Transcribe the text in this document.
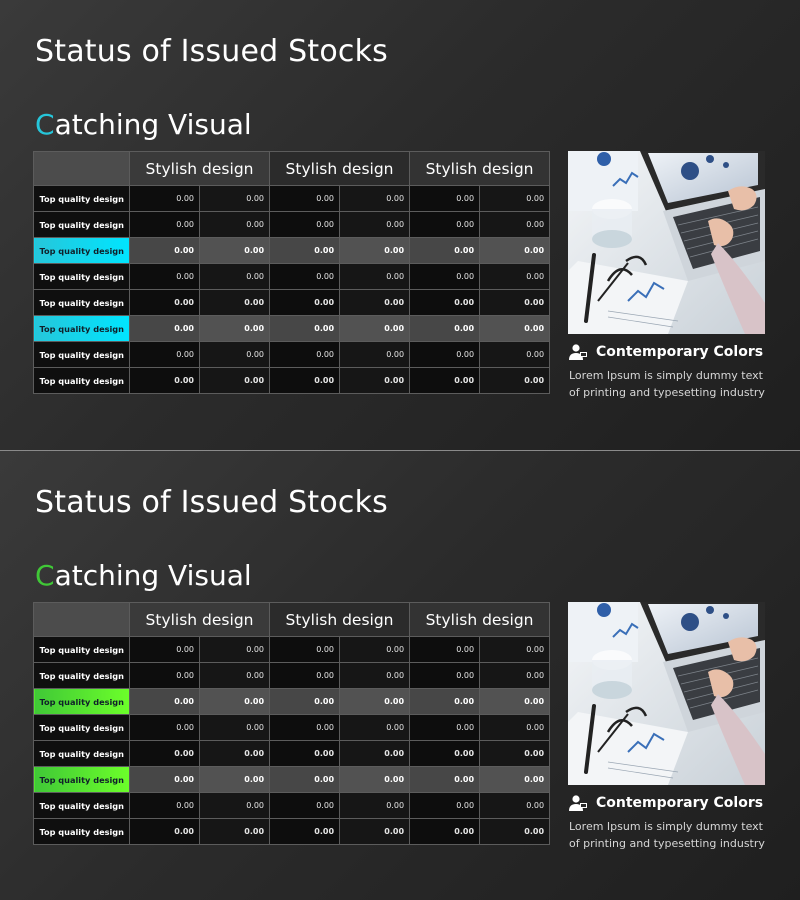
Status of Issued Stocks
Catching Visual
	Stylish design		Stylish design		Stylish design	
Top quality design	0.00	0.00	0.00	0.00	0.00	0.00
Top quality design	0.00	0.00	0.00	0.00	0.00	0.00
Top quality design	0.00	0.00	0.00	0.00	0.00	0.00
Top quality design	0.00	0.00	0.00	0.00	0.00	0.00
Top quality design	0.00	0.00	0.00	0.00	0.00	0.00
Top quality design	0.00	0.00	0.00	0.00	0.00	0.00
Top quality design	0.00	0.00	0.00	0.00	0.00	0.00
Top quality design	0.00	0.00	0.00	0.00	0.00	0.00
Contemporary Colors
Lorem Ipsum is simply dummy text of printing and typesetting industry
Status of Issued Stocks
Catching Visual
	Stylish design		Stylish design		Stylish design	
Top quality design	0.00	0.00	0.00	0.00	0.00	0.00
Top quality design	0.00	0.00	0.00	0.00	0.00	0.00
Top quality design	0.00	0.00	0.00	0.00	0.00	0.00
Top quality design	0.00	0.00	0.00	0.00	0.00	0.00
Top quality design	0.00	0.00	0.00	0.00	0.00	0.00
Top quality design	0.00	0.00	0.00	0.00	0.00	0.00
Top quality design	0.00	0.00	0.00	0.00	0.00	0.00
Top quality design	0.00	0.00	0.00	0.00	0.00	0.00
Contemporary Colors
Lorem Ipsum is simply dummy text of printing and typesetting industry
